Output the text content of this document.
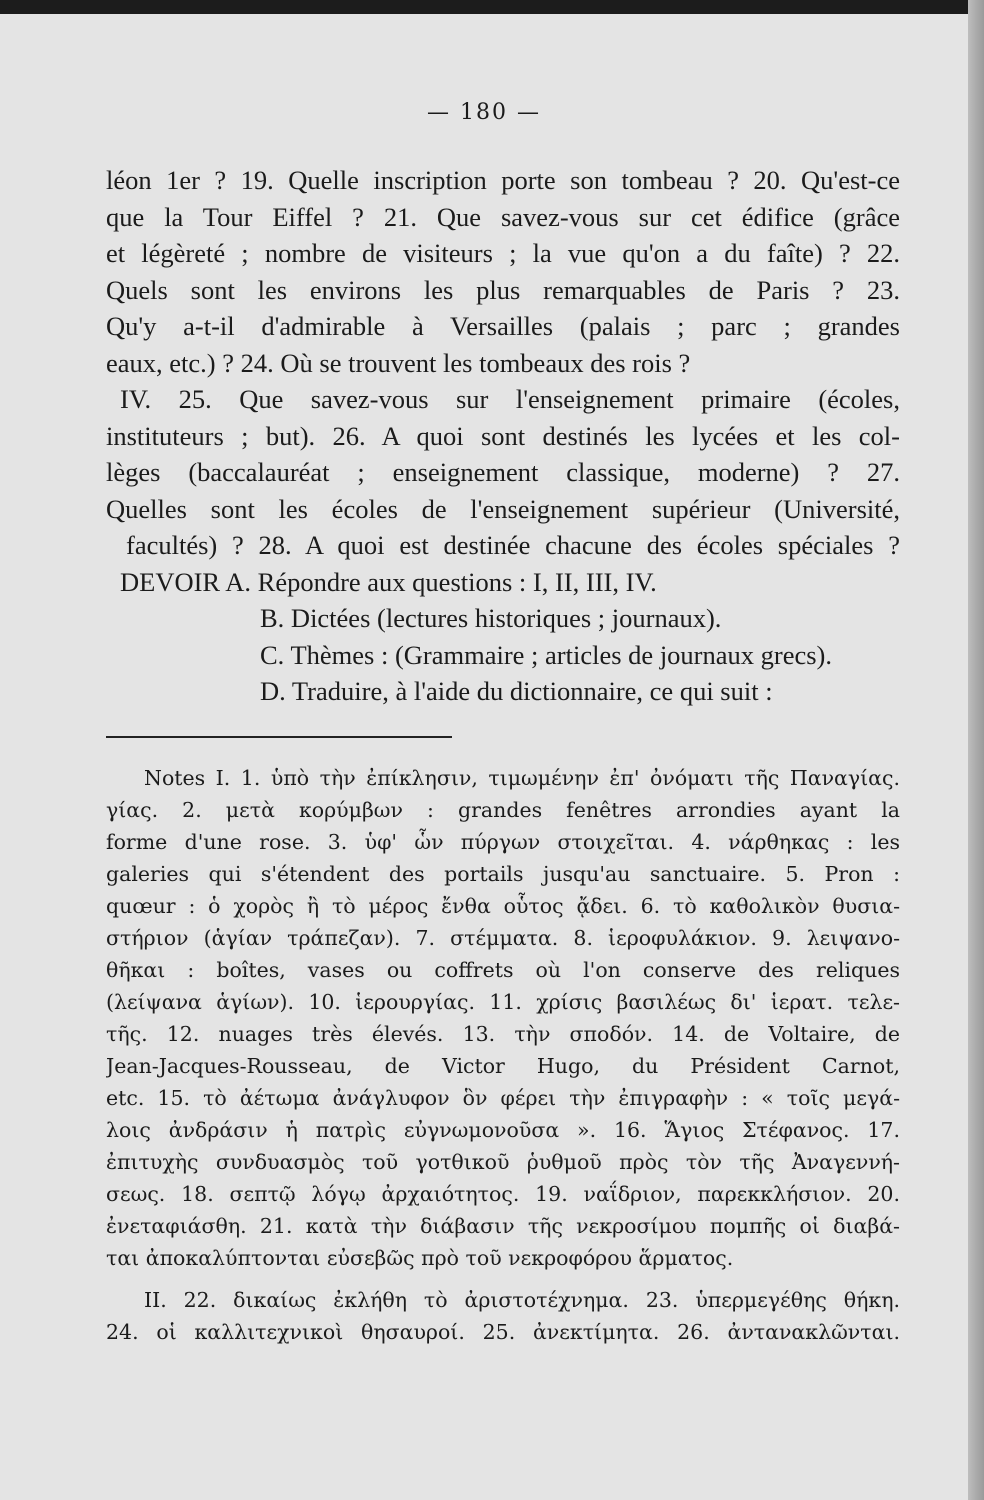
— 180 —
léon 1er ? 19. Quelle inscription porte son tombeau ? 20. Qu'est-ce
que la Tour Eiffel ? 21. Que savez-vous sur cet édifice (grâce
et légèreté ; nombre de visiteurs ; la vue qu'on a du faîte) ? 22.
Quels sont les environs les plus remarquables de Paris ? 23.
Qu'y a-t-il d'admirable à Versailles (palais ; parc ; grandes
eaux, etc.) ? 24. Où se trouvent les tombeaux des rois ?
IV. 25. Que savez-vous sur l'enseignement primaire (écoles,
instituteurs ; but). 26. A quoi sont destinés les lycées et les col-
lèges (baccalauréat ; enseignement classique, moderne) ? 27.
Quelles sont les écoles de l'enseignement supérieur (Université,
facultés) ? 28. A quoi est destinée chacune des écoles spéciales ?
DEVOIR A. Répondre aux questions : I, II, III, IV.
B. Dictées (lectures historiques ; journaux).
C. Thèmes : (Grammaire ; articles de journaux grecs).
D. Traduire, à l'aide du dictionnaire, ce qui suit :
Notes I. 1. ὑπὸ τὴν ἐπίκλησιν, τιμωμένην ἐπ' ὀνόματι τῆς Παναγίας.
γίας. 2. μετὰ κορύμβων : grandes fenêtres arrondies ayant la
forme d'une rose. 3. ὑφ' ὧν πύργων στοιχεῖται. 4. νάρθηκας : les
galeries qui s'étendent des portails jusqu'au sanctuaire. 5. Pron :
quœur : ὁ χορὸς ἢ τὸ μέρος ἔνθα οὗτος ᾄδει. 6. τὸ καθολικὸν θυσια-
στήριον (ἁγίαν τράπεζαν). 7. στέμματα. 8. ἱεροφυλάκιον. 9. λειψανο-
θῆκαι : boîtes, vases ou coffrets où l'on conserve des reliques
(λείψανα ἁγίων). 10. ἱερουργίας. 11. χρίσις βασιλέως δι' ἱερατ. τελε-
τῆς. 12. nuages très élevés. 13. τὴν σποδόν. 14. de Voltaire, de
Jean-Jacques-Rousseau, de Victor Hugo, du Président Carnot,
etc. 15. τὸ ἀέτωμα ἀνάγλυφον ὃν φέρει τὴν ἐπιγραφὴν : « τοῖς μεγά-
λοις ἀνδράσιν ἡ πατρὶς εὐγνωμονοῦσα ». 16. Ἅγιος Στέφανος. 17.
ἐπιτυχὴς συνδυασμὸς τοῦ γοτθικοῦ ῥυθμοῦ πρὸς τὸν τῆς Ἀναγεννή-
σεως. 18. σεπτῷ λόγῳ ἀρχαιότητος. 19. ναΐδριον, παρεκκλήσιον. 20.
ἐνεταφιάσθη. 21. κατὰ τὴν διάβασιν τῆς νεκροσίμου πομπῆς οἱ διαβά-
ται ἀποκαλύπτονται εὐσεβῶς πρὸ τοῦ νεκροφόρου ἅρματος.
II. 22. δικαίως ἐκλήθη τὸ ἀριστοτέχνημα. 23. ὑπερμεγέθης θήκη.
24. οἱ καλλιτεχνικοὶ θησαυροί. 25. ἀνεκτίμητα. 26. ἀντανακλῶνται.
